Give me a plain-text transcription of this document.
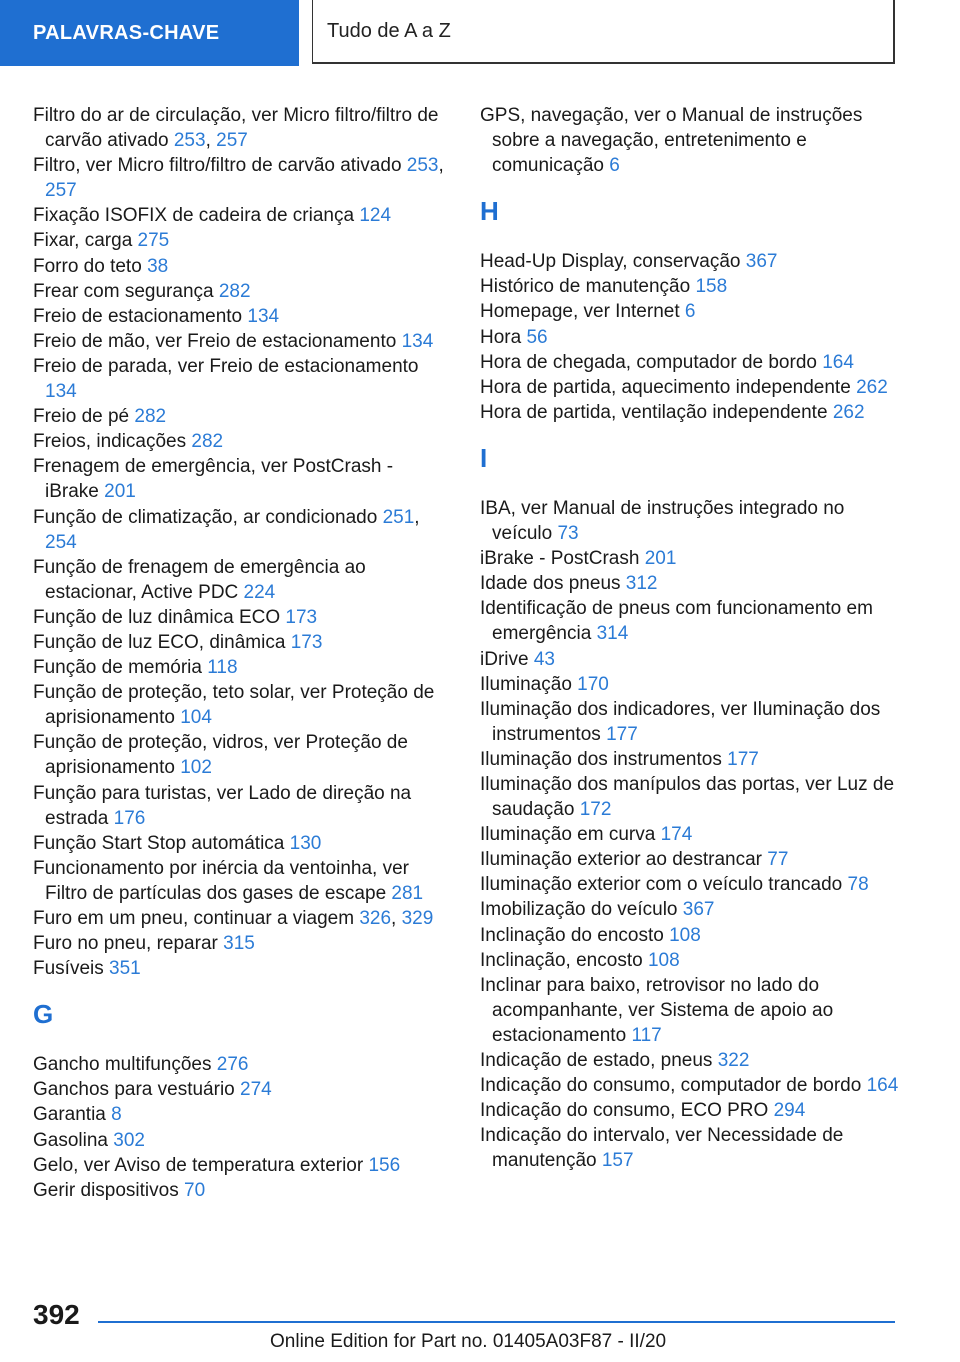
PALAVRAS-CHAVE	Tudo de A a Z
Filtro do ar de circulação, ver Micro filtro/filtro de carvão ativado 253, 257
Filtro, ver Micro filtro/filtro de carvão ativado 253, 257
Fixação ISOFIX de cadeira de criança 124
Fixar, carga 275
Forro do teto 38
Frear com segurança 282
Freio de estacionamento 134
Freio de mão, ver Freio de estacionamento 134
Freio de parada, ver Freio de estacionamento 134
Freio de pé 282
Freios, indicações 282
Frenagem de emergência, ver PostCrash - iBrake 201
Função de climatização, ar condicionado 251, 254
Função de frenagem de emergência ao estacionar, Active PDC 224
Função de luz dinâmica ECO 173
Função de luz ECO, dinâmica 173
Função de memória 118
Função de proteção, teto solar, ver Proteção de aprisionamento 104
Função de proteção, vidros, ver Proteção de aprisionamento 102
Função para turistas, ver Lado de direção na estrada 176
Função Start Stop automática 130
Funcionamento por inércia da ventoinha, ver Filtro de partículas dos gases de escape 281
Furo em um pneu, continuar a viagem 326, 329
Furo no pneu, reparar 315
Fusíveis 351
G
Gancho multifunções 276
Ganchos para vestuário 274
Garantia 8
Gasolina 302
Gelo, ver Aviso de temperatura exterior 156
Gerir dispositivos 70
GPS, navegação, ver o Manual de instruções sobre a navegação, entretenimento e comunicação 6
H
Head-Up Display, conservação 367
Histórico de manutenção 158
Homepage, ver Internet 6
Hora 56
Hora de chegada, computador de bordo 164
Hora de partida, aquecimento independente 262
Hora de partida, ventilação independente 262
I
IBA, ver Manual de instruções integrado no veículo 73
iBrake - PostCrash 201
Idade dos pneus 312
Identificação de pneus com funcionamento em emergência 314
iDrive 43
Iluminação 170
Iluminação dos indicadores, ver Iluminação dos instrumentos 177
Iluminação dos instrumentos 177
Iluminação dos manípulos das portas, ver Luz de saudação 172
Iluminação em curva 174
Iluminação exterior ao destrancar 77
Iluminação exterior com o veículo trancado 78
Imobilização do veículo 367
Inclinação do encosto 108
Inclinação, encosto 108
Inclinar para baixo, retrovisor no lado do acompanhante, ver Sistema de apoio ao estacionamento 117
Indicação de estado, pneus 322
Indicação do consumo, computador de bordo 164
Indicação do consumo, ECO PRO 294
Indicação do intervalo, ver Necessidade de manutenção 157
392
Online Edition for Part no. 01405A03F87 - II/20
